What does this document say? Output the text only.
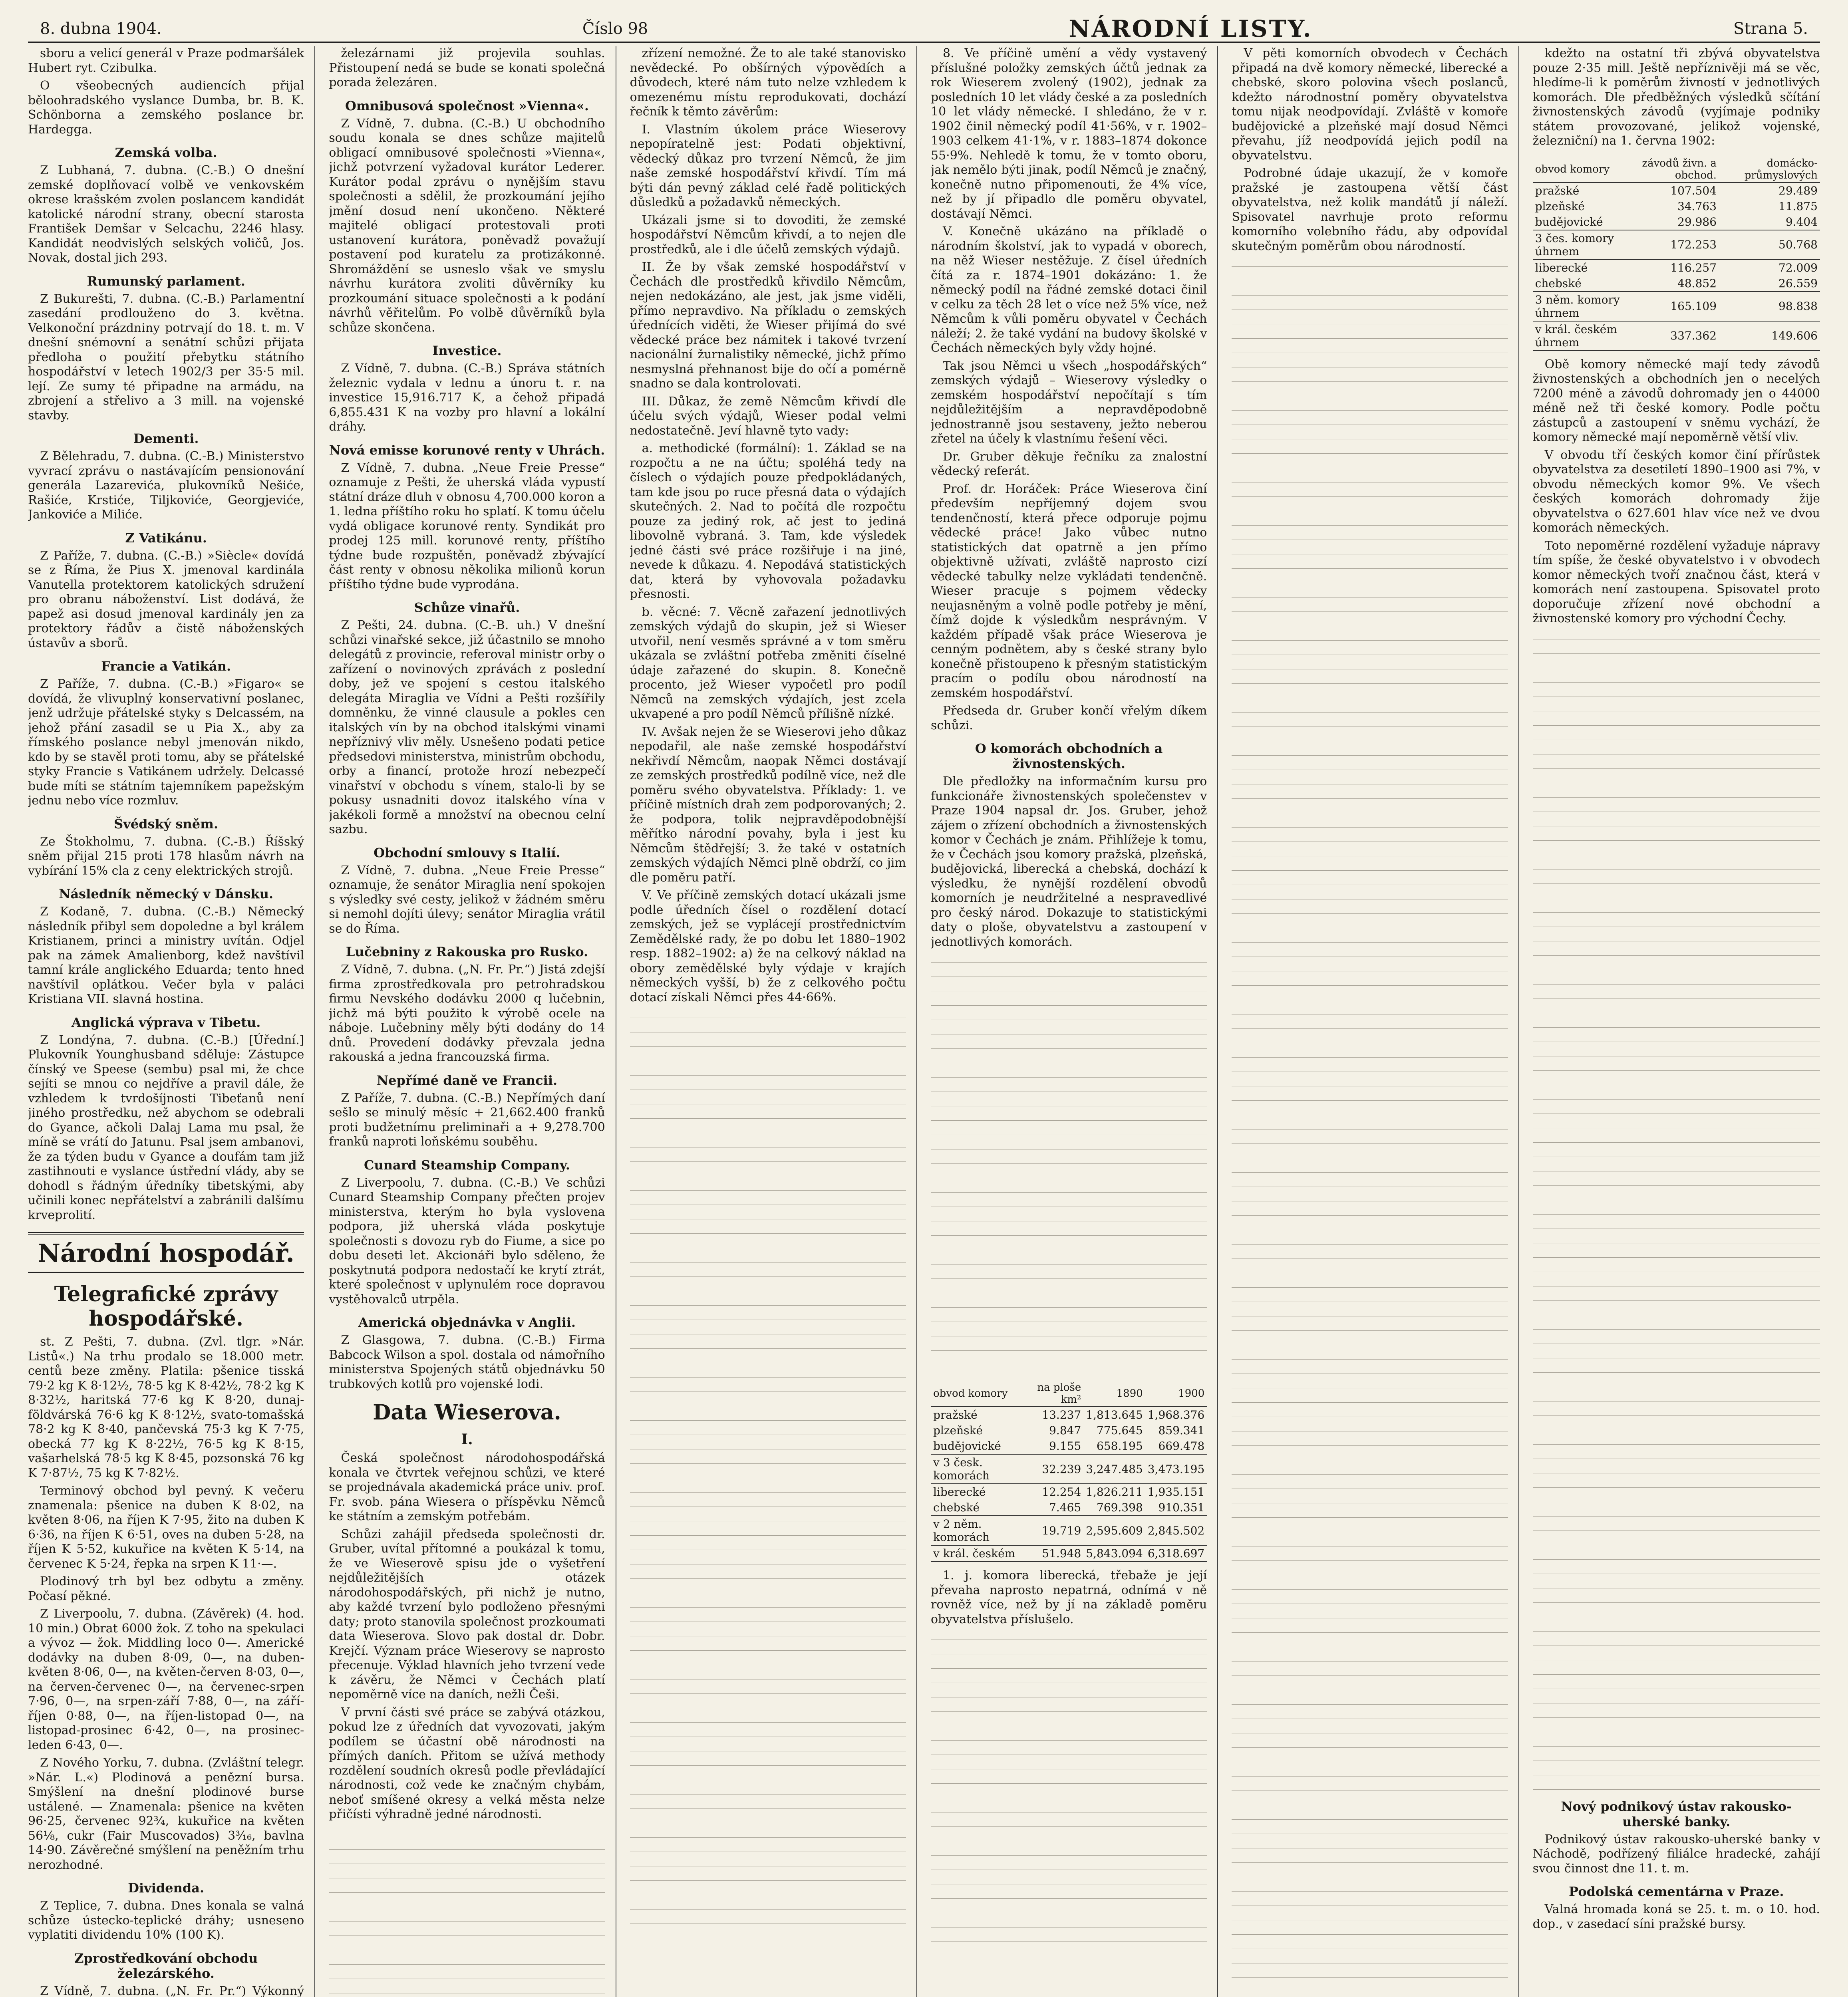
8. dubna 1904.	Číslo 98	NÁRODNÍ LISTY.	Strana 5.

sboru a velicí generál v Praze podmaršálek Hubert ryt. Czibulka.

O všeobecných audiencích přijal běloohradského vyslance Dumba, br. B. K. Schönborna a zemského poslance br. Hardegga.

Zemská volba.

Z Lubhaná, 7. dubna. (C.-B.) O dnešní zemské doplňovací volbě ve venkovském okrese krašském zvolen poslancem kandidát katolické národní strany, obecní starosta František Demšar v Selcachu, 2246 hlasy. Kandidát neodvislých selských voličů, Jos. Novak, dostal jich 293.

Rumunský parlament.

Z Bukurešti, 7. dubna. (C.-B.) Parlamentní zasedání prodlouženo do 3. května. Velkonoční prázdniny potrvají do 18. t. m. V dnešní snémovní a senátní schůzi přijata předloha o použití přebytku státního hospodářství v letech 1902/3 per 35·5 mil. lejí. Ze sumy té připadne na armádu, na zbrojení a střelivo a 3 mill. na vojenské stavby.

Dementi.

Z Bělehradu, 7. dubna. (C.-B.) Ministerstvo vyvrací zprávu o nastávajícím pensionování generála Lazarevića, plukovníků Nešiće, Rašiće, Krstiće, Tiljkoviće, Georgjeviće, Jankoviće a Miliće.

Z Vatikánu.

Z Paříže, 7. dubna. (C.-B.) »Siècle« dovídá se z Říma, že Pius X. jmenoval kardinála Vanutella protektorem katolických sdružení pro obranu náboženství. List dodává, že papež asi dosud jmenoval kardinály jen za protektory řádův a čistě náboženských ústavův a sborů.

Francie a Vatikán.

Z Paříže, 7. dubna. (C.-B.) »Figaro« se dovídá, že vlivuplný konservativní poslanec, jenž udržuje přátelské styky s Delcassém, na jehož přání zasadil se u Pia X., aby za římského poslance nebyl jmenován nikdo, kdo by se stavěl proti tomu, aby se přátelské styky Francie s Vatikánem udržely. Delcassé bude míti se státním tajemníkem papežským jednu nebo více rozmluv.

Švédský sněm.

Ze Štokholmu, 7. dubna. (C.-B.) Říšský sněm přijal 215 proti 178 hlasům návrh na vybírání 15% cla z ceny elektrických strojů.

Následník německý v Dánsku.

Z Kodaně, 7. dubna. (C.-B.) Německý následník přibyl sem dopoledne a byl králem Kristianem, princi a ministry uvítán. Odjel pak na zámek Amalienborg, kdež navštívil tamní krále anglického Eduarda; tento hned navštívil oplátkou. Večer byla v paláci Kristiana VII. slavná hostina.

Anglická výprava v Tibetu.

Z Londýna, 7. dubna. (C.-B.) [Úřední.] Plukovník Younghusband sděluje: Zástupce čínský ve Speese (sembu) psal mi, že chce sejíti se mnou co nejdříve a pravil dále, že vzhledem k tvrdošíjnosti Tibeťanů není jiného prostředku, než abychom se odebrali do Gyance, ačkoli Dalaj Lama mu psal, že míně se vrátí do Jatunu. Psal jsem ambanovi, že za týden budu v Gyance a doufám tam již zastihnouti e vyslance ústřední vlády, aby se dohodl s řádným úředníky tibetskými, aby učinili konec nepřátelství a zabránili dalšímu krveprolití.

Národní hospodář.
Telegrafické zprávy hospodářské.

st. Z Pešti, 7. dubna. (Zvl. tlgr. »Nár. Listů«.) Na trhu prodalo se 18.000 metr. centů beze změny. Platila: pšenice tisská 79·2 kg K 8·12½, 78·5 kg K 8·42½, 78·2 kg K 8·32½, haritská 77·6 kg K 8·20, dunaj-földvárská 76·6 kg K 8·12½, svato-tomašská 78·2 kg K 8·40, pančevská 75·3 kg K 7·75, obecká 77 kg K 8·22½, 76·5 kg K 8·15, vašarhelská 78·5 kg K 8·45, pozsonská 76 kg K 7·87½, 75 kg K 7·82½.

Terminový obchod byl pevný. K večeru znamenala: pšenice na duben K 8·02, na květen 8·06, na říjen K 7·95, žito na duben K 6·36, na říjen K 6·51, oves na duben 5·28, na říjen K 5·52, kukuřice na květen K 5·14, na červenec K 5·24, řepka na srpen K 11·—.

Plodinový trh byl bez odbytu a změny. Počasí pěkné.

Z Liverpoolu, 7. dubna. (Závěrek) (4. hod. 10 min.) Obrat 6000 žok. Z toho na spekulaci a vývoz — žok. Middling loco 0—. Americké dodávky na duben 8·09, 0—, na duben-květen 8·06, 0—, na květen-červen 8·03, 0—, na červen-červenec 0—, na červenec-srpen 7·96, 0—, na srpen-září 7·88, 0—, na září-říjen 0·88, 0—, na říjen-listopad 0—, na listopad-prosinec 6·42, 0—, na prosinec-leden 6·43, 0—.

Z Nového Yorku, 7. dubna. (Zvláštní telegr. »Nár. L.«) Plodinová a penězní bursa. Smýšlení na dnešní plodinové burse ustálené. — Znamenala: pšenice na květen 96·25, červenec 92¾, kukuřice na květen 56⅛, cukr (Fair Muscovados) 3³⁄₁₆, bavlna 14·90. Závěrečné smýšlení na peněžním trhu nerozhodné.

Dividenda.

Z Teplice, 7. dubna. Dnes konala se valná schůze ústecko-teplické dráhy; usneseno vyplatiti dividendu 10% (100 K).

Zprostředkování obchodu železárského.

Z Vídně, 7. dubna. („N. Fr. Pr.“) Výkonný

železárnami již projevila souhlas. Přistoupení nedá se bude se konati společná porada železáren.

Omnibusová společnost »Vienna«.

Z Vídně, 7. dubna. (C.-B.) U obchodního soudu konala se dnes schůze majitelů obligací omnibusové společnosti »Vienna«, jichž potvrzení vyžadoval kurátor Lederer. Kurátor podal zprávu o nynějším stavu společnosti a sdělil, že prozkoumání jejího jmění dosud není ukončeno. Některé majitelé obligací protestovali proti ustanovení kurátora, poněvadž považují postavení pod kuratelu za protizákonné. Shromáždění se usneslo však ve smyslu návrhu kurátora zvoliti důvěrníky ku prozkoumání situace společnosti a k podání návrhů věřitelům. Po volbě důvěrníků byla schůze skončena.

Investice.

Z Vídně, 7. dubna. (C.-B.) Správa státních železnic vydala v lednu a únoru t. r. na investice 15,916.717 K, a čehož připadá 6,855.431 K na vozby pro hlavní a lokální dráhy.

Nová emisse korunové renty v Uhrách.

Z Vídně, 7. dubna. „Neue Freie Presse“ oznamuje z Pešti, že uherská vláda vypustí státní dráze dluh v obnosu 4,700.000 koron a 1. ledna příštího roku ho splatí. K tomu účelu vydá obligace korunové renty. Syndikát pro prodej 125 mill. korunové renty, příštího týdne bude rozpuštěn, poněvadž zbývající část renty v obnosu několika milionů korun příštího týdne bude vyprodána.

Schůze vinařů.

Z Pešti, 24. dubna. (C.-B. uh.) V dnešní schůzi vinařské sekce, již účastnilo se mnoho delegátů z provincie, referoval ministr orby o zařízení o novinových zprávách z poslední doby, jež ve spojení s cestou italského delegáta Miraglia ve Vídni a Pešti rozšířily domněnku, že vinné clausule a pokles cen italských vín by na obchod italskými vinami nepříznivý vliv měly. Usnešeno podati petice předsedovi ministerstva, ministrům obchodu, orby a financí, protože hrozí nebezpečí vinařství v obchodu s vínem, stalo-li by se pokusy usnadniti dovoz italského vína v jakékoli formě a množství na obecnou celní sazbu.

Obchodní smlouvy s Italií.

Z Vídně, 7. dubna. „Neue Freie Presse“ oznamuje, že senátor Miraglia není spokojen s výsledky své cesty, jelikož v žádném směru si nemohl dojíti úlevy; senátor Miraglia vrátil se do Říma.

Lučebniny z Rakouska pro Rusko.

Z Vídně, 7. dubna. („N. Fr. Pr.“) Jistá zdejší firma zprostředkovala pro petrohradskou firmu Nevského dodávku 2000 q lučebnin, jichž má býti použito k výrobě ocele na náboje. Lučebniny měly býti dodány do 14 dnů. Provedení dodávky převzala jedna rakouská a jedna francouzská firma.

Nepřímé daně ve Francii.

Z Paříže, 7. dubna. (C.-B.) Nepřímých daní sešlo se minulý měsíc + 21,662.400 franků proti budžetnímu preliminaři a + 9,278.700 franků naproti loňskému souběhu.

Cunard Steamship Company.

Z Liverpoolu, 7. dubna. (C.-B.) Ve schůzi Cunard Steamship Company přečten projev ministerstva, kterým ho byla vyslovena podpora, již uherská vláda poskytuje společnosti s dovozu ryb do Fiume, a sice po dobu deseti let. Akcionáři bylo sděleno, že poskytnutá podpora nedostačí ke krytí ztrát, které společnost v uplynulém roce dopravou vystěhovalců utrpěla.

Americká objednávka v Anglii.

Z Glasgowa, 7. dubna. (C.-B.) Firma Babcock Wilson a spol. dostala od námořního ministerstva Spojených států objednávku 50 trubkových kotlů pro vojenské lodi.

Data Wieserova.
I.

Česká společnost národohospodářská konala ve čtvrtek veřejnou schůzi, ve které se projednávala akademická práce univ. prof. Fr. svob. pána Wiesera o příspěvku Němců ke státním a zemským potřebám.

Schůzi zahájil předseda společnosti dr. Gruber, uvítal přítomné a poukázal k tomu, že ve Wieserově spisu jde o vyšetření nejdůležitějších otázek národohospodářských, při nichž je nutno, aby každé tvrzení bylo podloženo přesnými daty; proto stanovila společnost prozkoumati data Wieserova. Slovo pak dostal dr. Dobr. Krejčí. Význam práce Wieserovy se naprosto přecenuje. Výklad hlavních jeho tvrzení vede k závěru, že Němci v Čechách platí nepoměrně více na daních, nežli Češi.

V první části své práce se zabývá otázkou, pokud lze z úředních dat vyvozovati, jakým podílem se účastní obě národnosti na přímých daních. Přitom se užívá methody rozdělení soudních okresů podle převládající národnosti, což vede ke značným chybám, neboť smíšené okresy a velká města nelze přičísti výhradně jedné národnosti.

zřízení nemožné. Že to ale také stanovisko nevědecké. Po obšírných výpovědích a důvodech, které nám tuto nelze vzhledem k omezenému místu reprodukovati, dochází řečník k těmto závěrům:

I. Vlastním úkolem práce Wieserovy nepopíratelně jest: Podati objektivní, vědecký důkaz pro tvrzení Němců, že jim naše zemské hospodářství křivdí. Tím má býti dán pevný základ celé řadě politických důsledků a požadavků německých.

Ukázali jsme si to dovoditi, že zemské hospodářství Němcům křivdí, a to nejen dle prostředků, ale i dle účelů zemských výdajů.

II. Že by však zemské hospodářství v Čechách dle prostředků křivdilo Němcům, nejen nedokázáno, ale jest, jak jsme viděli, přímo nepravdivo. Na příkladu o zemských úřednících viděti, že Wieser přijímá do své vědecké práce bez námitek i takové tvrzení nacionální žurnalistiky německé, jichž přímo nesmyslná přehnanost bije do očí a pomérně snadno se dala kontrolovati.

III. Důkaz, že země Němcům křivdí dle účelu svých výdajů, Wieser podal velmi nedostatečně. Jeví hlavně tyto vady:

a. methodické (formální): 1. Základ se na rozpočtu a ne na účtu; spoléhá tedy na číslech o výdajích pouze předpokládaných, tam kde jsou po ruce přesná data o výdajích skutečných. 2. Nad to počítá dle rozpočtu pouze za jediný rok, ač jest to jediná libovolně vybraná. 3. Tam, kde výsledek jedné části své práce rozšiřuje i na jiné, nevede k důkazu. 4. Nepodává statistických dat, která by vyhovovala požadavku přesnosti.

b. věcné: 7. Věcně zařazení jednotlivých zemských výdajů do skupin, jež si Wieser utvořil, není vesměs správné a v tom směru ukázala se zvláštní potřeba změniti číselné údaje zařazené do skupin. 8. Konečně procento, jež Wieser vypočetl pro podíl Němců na zemských výdajích, jest zcela ukvapené a pro podíl Němců přílišně nízké.

IV. Avšak nejen že se Wieserovi jeho důkaz nepodařil, ale naše zemské hospodářství nekřivdí Němcům, naopak Němci dostávají ze zemských prostředků podílně více, než dle poměru svého obyvatelstva. Příklady: 1. ve příčině místních drah zem podporovaných; 2. že podpora, tolik nejpravděpodobnější měřítko národní povahy, byla i jest ku Němcům štědřejší; 3. že také v ostatních zemských výdajích Němci plně obdrží, co jim dle poměru patří.

V. Ve příčině zemských dotací ukázali jsme podle úředních čísel o rozdělení dotací zemských, jež se vyplácejí prostřednictvím Zemědělské rady, že po dobu let 1880–1902 resp. 1882–1902: a) že na celkový náklad na obory zemědělské byly výdaje v krajích německých vyšší, b) že z celkového počtu dotací získali Němci přes 44·66%.

8. Ve příčině umění a vědy vystavený příslušné položky zemských účtů jednak za rok Wieserem zvolený (1902), jednak za posledních 10 let vlády české a za posledních 10 let vlády německé. I shledáno, že v r. 1902 činil německý podíl 41·56%, v r. 1902–1903 celkem 41·1%, v r. 1883–1874 dokonce 55·9%. Nehledě k tomu, že v tomto oboru, jak nemělo býti jinak, podíl Němců je značný, konečně nutno připomenouti, že 4% více, než by jí připadlo dle poměru obyvatel, dostávají Němci.

V. Konečně ukázáno na příkladě o národním školství, jak to vypadá v oborech, na něž Wieser nestěžuje. Z čísel úředních čítá za r. 1874–1901 dokázáno: 1. že německý podíl na řádné zemské dotaci činil v celku za těch 28 let o více než 5% více, než Němcům k vůli poměru obyvatel v Čechách náleží; 2. že také vydání na budovy školské v Čechách německých byly vždy hojné.

Tak jsou Němci u všech „hospodářských“ zemských výdajů – Wieserovy výsledky o zemském hospodářství nepočítají s tím nejdůležitějším a nepravděpodobně jednostranně jsou sestaveny, ježto neberou zřetel na účely k vlastnímu řešení věci.

Dr. Gruber děkuje řečníku za znalostní vědecký referát.

Prof. dr. Horáček: Práce Wieserova činí především nepříjemný dojem svou tendenčností, která přece odporuje pojmu vědecké práce! Jako vůbec nutno statistických dat opatrně a jen přímo objektivně užívati, zvláště naprosto cizí vědecké tabulky nelze vykládati tendenčně. Wieser pracuje s pojmem vědecky neujasněným a volně podle potřeby je mění, čímž dojde k výsledkům nesprávným. V každém případě však práce Wieserova je cenným podnětem, aby s české strany bylo konečně přistoupeno k přesným statistickým pracím o podílu obou národností na zemském hospodářství.

Předseda dr. Gruber končí vřelým díkem schůzi.

O komorách obchodních a živnostenských.

Dle předložky na informačním kursu pro funkcionáře živnostenských společenstev v Praze 1904 napsal dr. Jos. Gruber, jehož zájem o zřízení obchodních a živnostenských komor v Čechách je znám. Přihlížeje k tomu, že v Čechách jsou komory pražská, plzeňská, budějovická, liberecká a chebská, dochází k výsledku, že nynější rozdělení obvodů komorních je neudržitelné a nespravedlivé pro český národ. Dokazuje to statistickými daty o ploše, obyvatelstvu a zastoupení v jednotlivých komorách.

obvod komory	na ploše km²	1890	1900
pražské	13.237	1,813.645	1,968.376
plzeňské	9.847	775.645	859.341
budějovické	9.155	658.195	669.478
v 3 česk. komorách	32.239	3,247.485	3,473.195
liberecké	12.254	1,826.211	1,935.151
chebské	7.465	769.398	910.351
v 2 něm. komorách	19.719	2,595.609	2,845.502
v král. českém	51.948	5,843.094	6,318.697

1. j. komora liberecká, třebaže je její převaha naprosto nepatrná, odnímá v ně rovněž více, než by jí na základě poměru obyvatelstva příslušelo.

V pěti komorních obvodech v Čechách připadá na dvě komory německé, liberecké a chebské, skoro polovina všech poslanců, kdežto národnostní poměry obyvatelstva tomu nijak neodpovídají. Zvláště v komoře budějovické a plzeňské mají dosud Němci převahu, jíž neodpovídá jejich podíl na obyvatelstvu.

Podrobné údaje ukazují, že v komoře pražské je zastoupena větší část obyvatelstva, než kolik mandátů jí náleží. Spisovatel navrhuje proto reformu komorního volebního řádu, aby odpovídal skutečným poměrům obou národností.

kdežto na ostatní tři zbývá obyvatelstva pouze 2·35 mill. Ještě nepříznivěji má se věc, hledíme-li k poměrům živností v jednotlivých komorách. Dle předběžných výsledků sčítání živnostenských závodů (vyjímaje podniky státem provozované, jelikož vojenské, železniční) na 1. června 1902:

obvod komory	závodů živn. a obchod.	domácko-průmyslových
pražské	107.504	29.489
plzeňské	34.763	11.875
budějovické	29.986	9.404
3 čes. komory úhrnem	172.253	50.768
liberecké	116.257	72.009
chebské	48.852	26.559
3 něm. komory úhrnem	165.109	98.838
v král. českém úhrnem	337.362	149.606

Obě komory německé mají tedy závodů živnostenských a obchodních jen o necelých 7200 méně a závodů dohromady jen o 44000 méně než tři české komory. Podle počtu zástupců a zastoupení v sněmu vychází, že komory německé mají nepoměrně větší vliv.

V obvodu tří českých komor činí přírůstek obyvatelstva za desetiletí 1890–1900 asi 7%, v obvodu německých komor 9%. Ve všech českých komorách dohromady žije obyvatelstva o 627.601 hlav více než ve dvou komorách německých.

Toto nepoměrné rozdělení vyžaduje nápravy tím spíše, že české obyvatelstvo i v obvodech komor německých tvoří značnou část, která v komorách není zastoupena. Spisovatel proto doporučuje zřízení nové obchodní a živnostenské komory pro východní Čechy.

Nový podnikový ústav rakousko-uherské banky.

Podnikový ústav rakousko-uherské banky v Náchodě, podřízený filiálce hradecké, zahájí svou činnost dne 11. t. m.

Podolská cementárna v Praze.

Valná hromada koná se 25. t. m. o 10. hod. dop., v zasedací síni pražské bursy.
